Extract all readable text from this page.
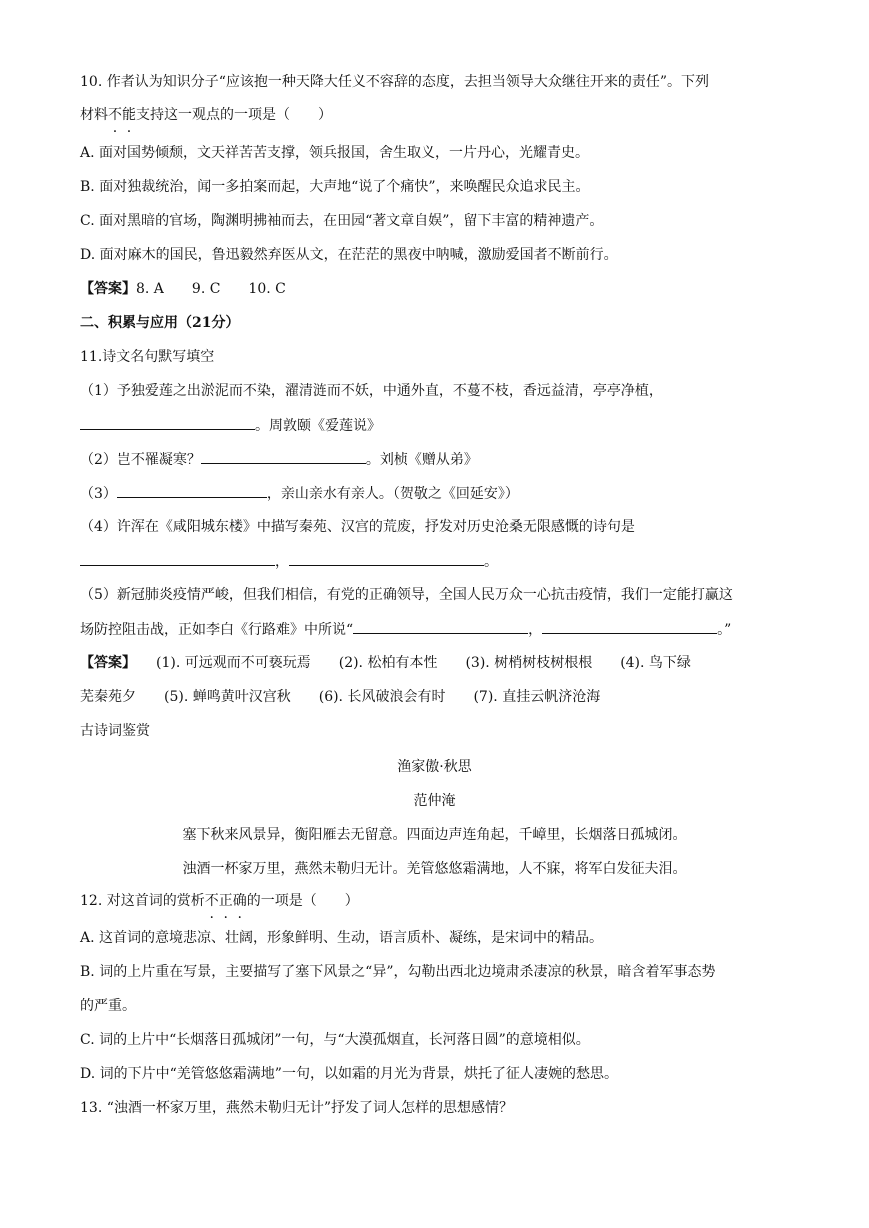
10. 作者认为知识分子“应该抱一种天降大任义不容辞的态度，去担当领导大众继往开来的责任”。下列
材料不能支持这一观点的一项是（　　）
A. 面对国势倾颓，文天祥苦苦支撑，领兵报国，舍生取义，一片丹心，光耀青史。
B. 面对独裁统治，闻一多拍案而起，大声地“说了个痛快”，来唤醒民众追求民主。
C. 面对黑暗的官场，陶渊明拂袖而去，在田园“著文章自娱”，留下丰富的精神遗产。
D. 面对麻木的国民，鲁迅毅然弃医从文，在茫茫的黑夜中呐喊，激励爱国者不断前行。
【答案】8. A　　9. C　　10. C
二、积累与应用（21分）
11.诗文名句默写填空
（1）予独爱莲之出淤泥而不染，濯清涟而不妖，中通外直，不蔓不枝，香远益清，亭亭净植，
。周敦颐《爱莲说》
（2）岂不罹凝寒？	。刘桢《赠从弟》
（3）	，亲山亲水有亲人。（贺敬之《回延安》）
（4）许浑在《咸阳城东楼》中描写秦苑、汉宫的荒废，抒发对历史沧桑无限感慨的诗句是
，	。
（5）新冠肺炎疫情严峻，但我们相信，有党的正确领导，全国人民万众一心抗击疫情，我们一定能打赢这
场防控阻击战，正如李白《行路难》中所说“	，	。”
【答案】 (1). 可远观而不可亵玩焉　　(2). 松柏有本性　　(3). 树梢树枝树根根　　(4). 鸟下绿
芜秦苑夕　　(5). 蝉鸣黄叶汉宫秋　　(6). 长风破浪会有时　　(7). 直挂云帆济沧海
古诗词鉴赏
渔家傲·秋思
范仲淹
塞下秋来风景异，衡阳雁去无留意。四面边声连角起，千嶂里，长烟落日孤城闭。
浊酒一杯家万里，燕然未勒归无计。羌管悠悠霜满地，人不寐，将军白发征夫泪。
12. 对这首词的赏析不正确的一项是（　　）
A. 这首词的意境悲凉、壮阔，形象鲜明、生动，语言质朴、凝练，是宋词中的精品。
B. 词的上片重在写景，主要描写了塞下风景之“异”，勾勒出西北边境肃杀凄凉的秋景，暗含着军事态势
的严重。
C. 词的上片中“长烟落日孤城闭”一句，与“大漠孤烟直，长河落日圆”的意境相似。
D. 词的下片中“羌管悠悠霜满地”一句，以如霜的月光为背景，烘托了征人凄婉的愁思。
13. “浊酒一杯家万里，燕然未勒归无计”抒发了词人怎样的思想感情？
